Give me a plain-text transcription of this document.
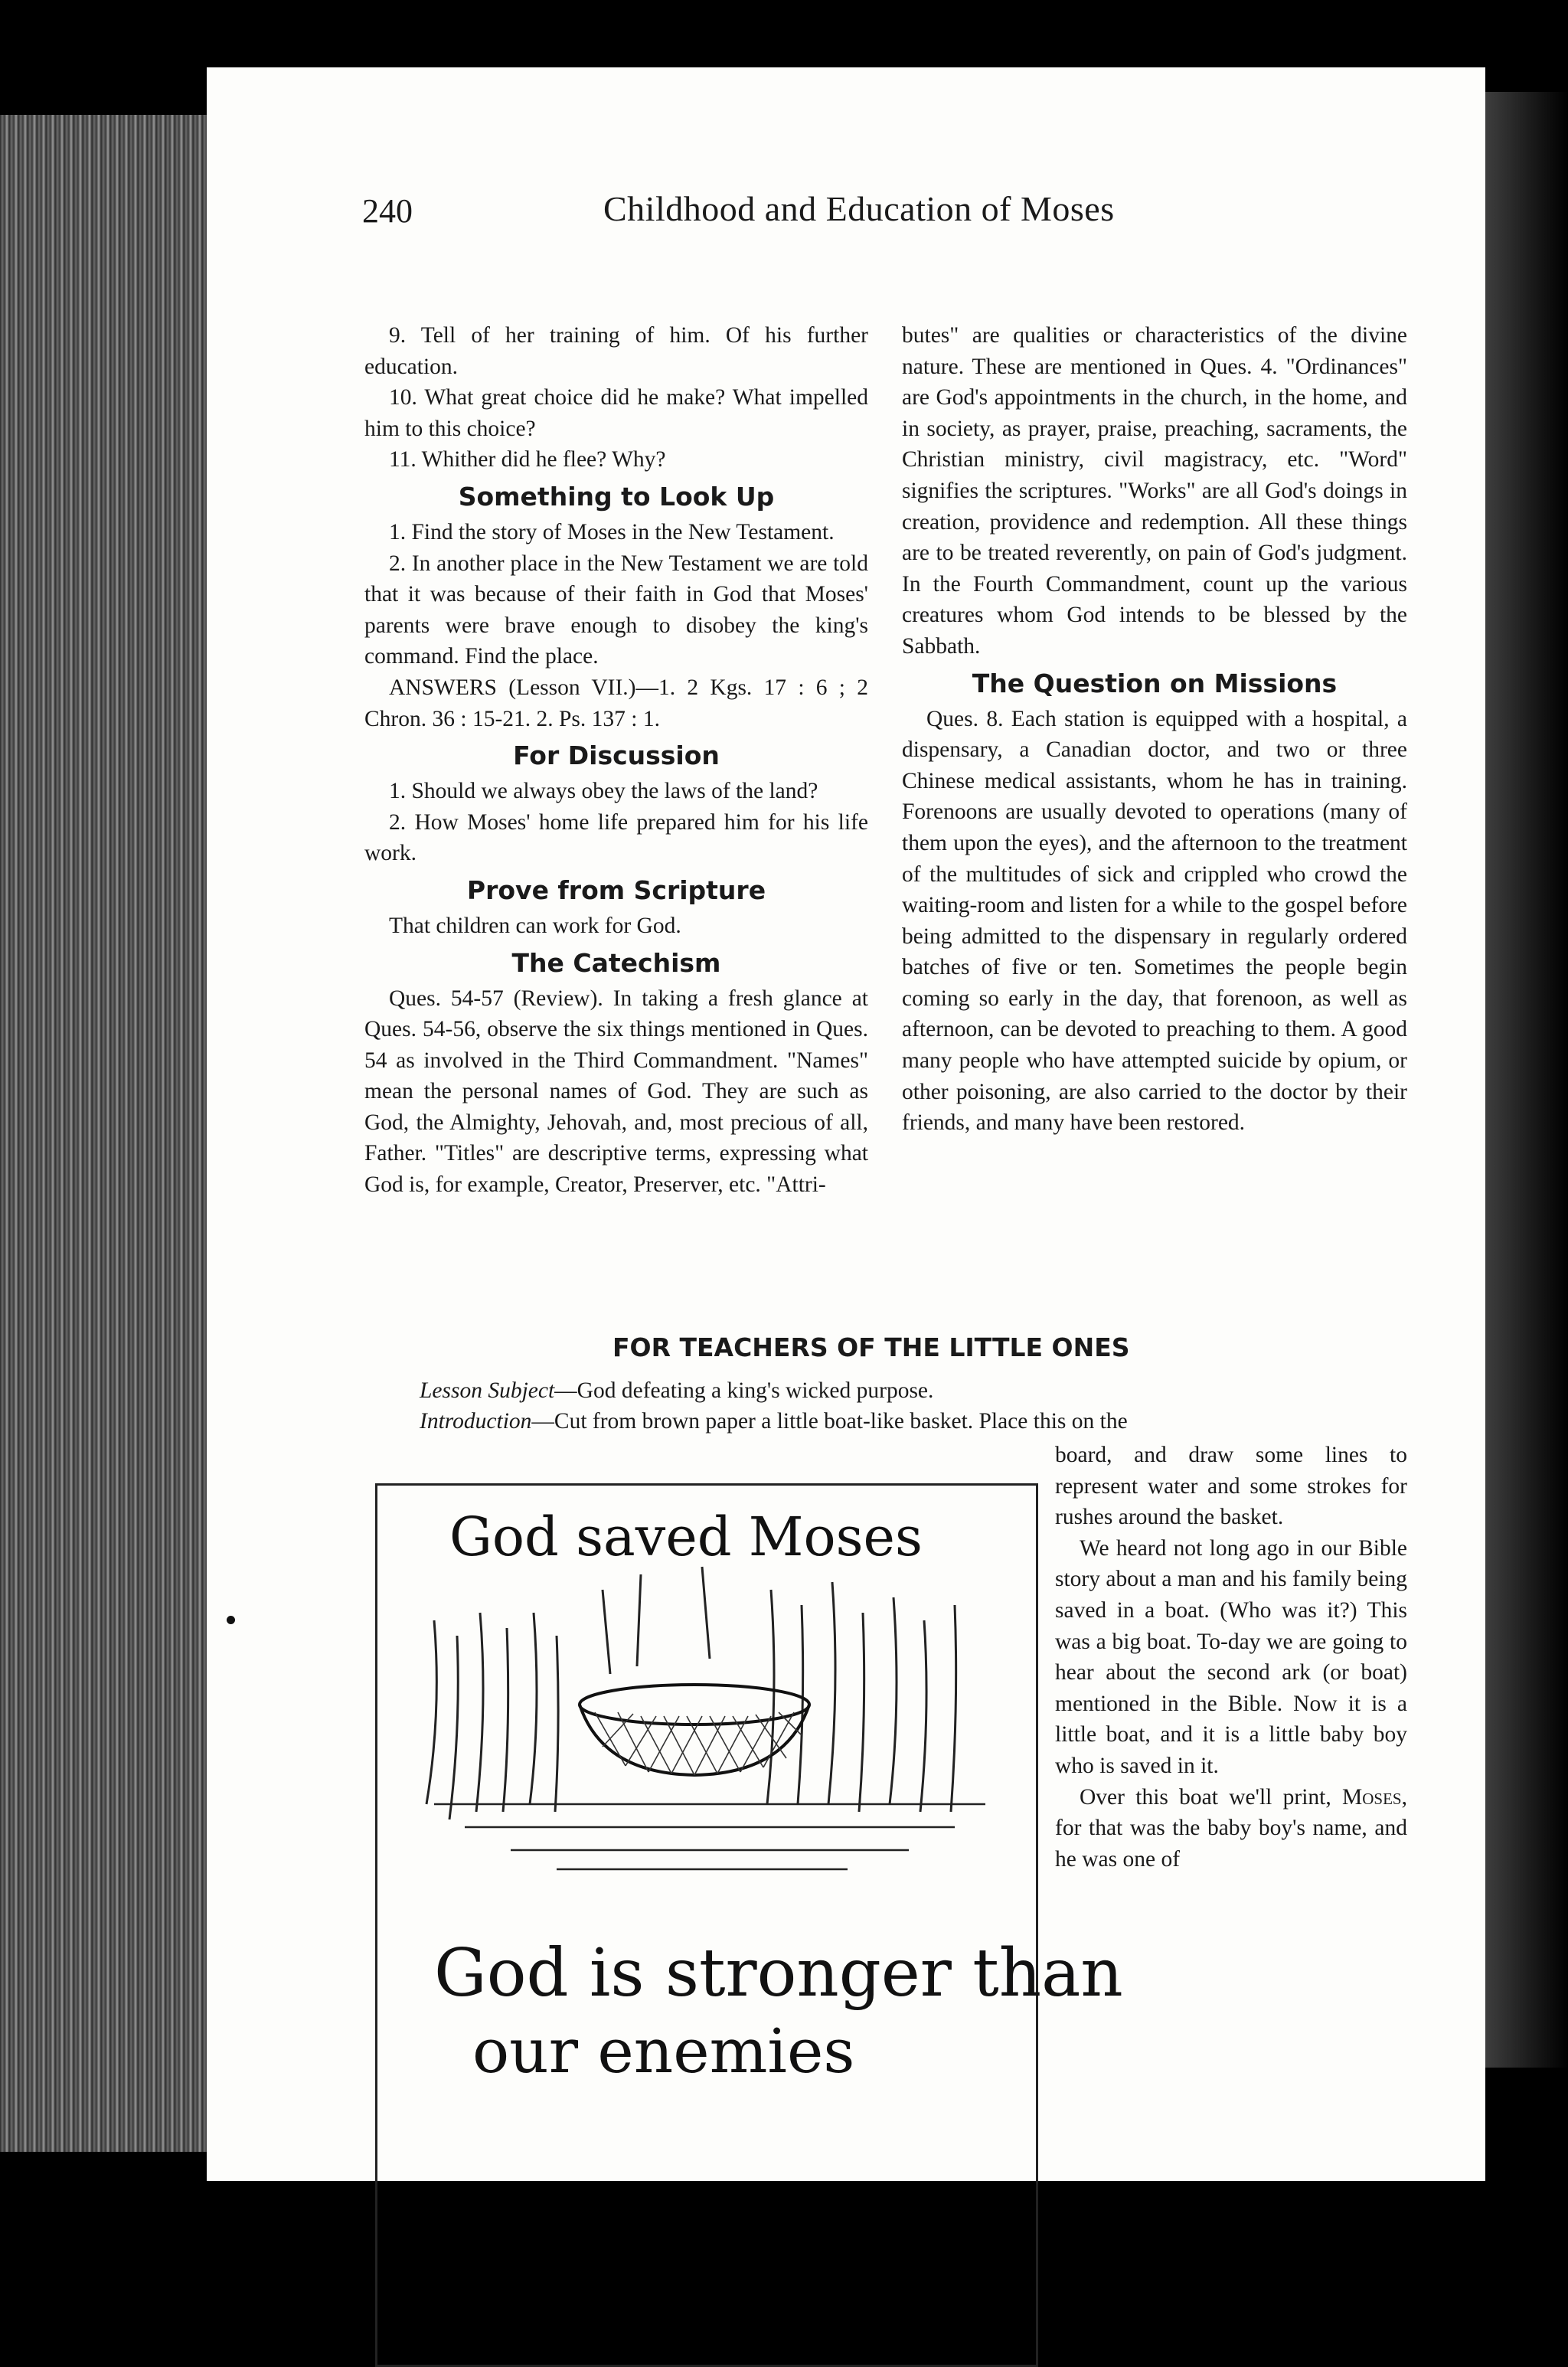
240	Childhood and Education of Moses

9. Tell of her training of him. Of his further education.

10. What great choice did he make? What impelled him to this choice?

11. Whither did he flee? Why?

Something to Look Up

1. Find the story of Moses in the New Testament.

2. In another place in the New Testament we are told that it was because of their faith in God that Moses' parents were brave enough to disobey the king's command. Find the place.

ANSWERS (Lesson VII.)—1. 2 Kgs. 17 : 6 ; 2 Chron. 36 : 15-21. 2. Ps. 137 : 1.

For Discussion

1. Should we always obey the laws of the land?

2. How Moses' home life prepared him for his life work.

Prove from Scripture

That children can work for God.

The Catechism

Ques. 54-57 (Review). In taking a fresh glance at Ques. 54-56, observe the six things mentioned in Ques. 54 as involved in the Third Commandment. "Names" mean the personal names of God. They are such as God, the Almighty, Jehovah, and, most precious of all, Father. "Titles" are descriptive terms, expressing what God is, for example, Creator, Preserver, etc. "Attri-

butes" are qualities or characteristics of the divine nature. These are mentioned in Ques. 4. "Ordinances" are God's appointments in the church, in the home, and in society, as prayer, praise, preaching, sacraments, the Christian ministry, civil magistracy, etc. "Word" signifies the scriptures. "Works" are all God's doings in creation, providence and redemption. All these things are to be treated reverently, on pain of God's judgment. In the Fourth Commandment, count up the various creatures whom God intends to be blessed by the Sabbath.

The Question on Missions

Ques. 8. Each station is equipped with a hospital, a dispensary, a Canadian doctor, and two or three Chinese medical assistants, whom he has in training. Forenoons are usually devoted to operations (many of them upon the eyes), and the afternoon to the treatment of the multitudes of sick and crippled who crowd the waiting-room and listen for a while to the gospel before being admitted to the dispensary in regularly ordered batches of five or ten. Sometimes the people begin coming so early in the day, that forenoon, as well as afternoon, can be devoted to preaching to them. A good many people who have attempted suicide by opium, or other poisoning, are also carried to the doctor by their friends, and many have been restored.

FOR TEACHERS OF THE LITTLE ONES
Lesson Subject—God defeating a king's wicked purpose.
Introduction—Cut from brown paper a little boat-like basket. Place this on the

board, and draw some lines to represent water and some strokes for rushes around the basket.

We heard not long ago in our Bible story about a man and his family being saved in a boat. (Who was it?) This was a big boat. To-day we are going to hear about the second ark (or boat) mentioned in the Bible. Now it is a little boat, and it is a little baby boy who is saved in it.

Over this boat we'll print, Moses, for that was the baby boy's name, and he was one of

God saved Moses
God is stronger than
our enemies
